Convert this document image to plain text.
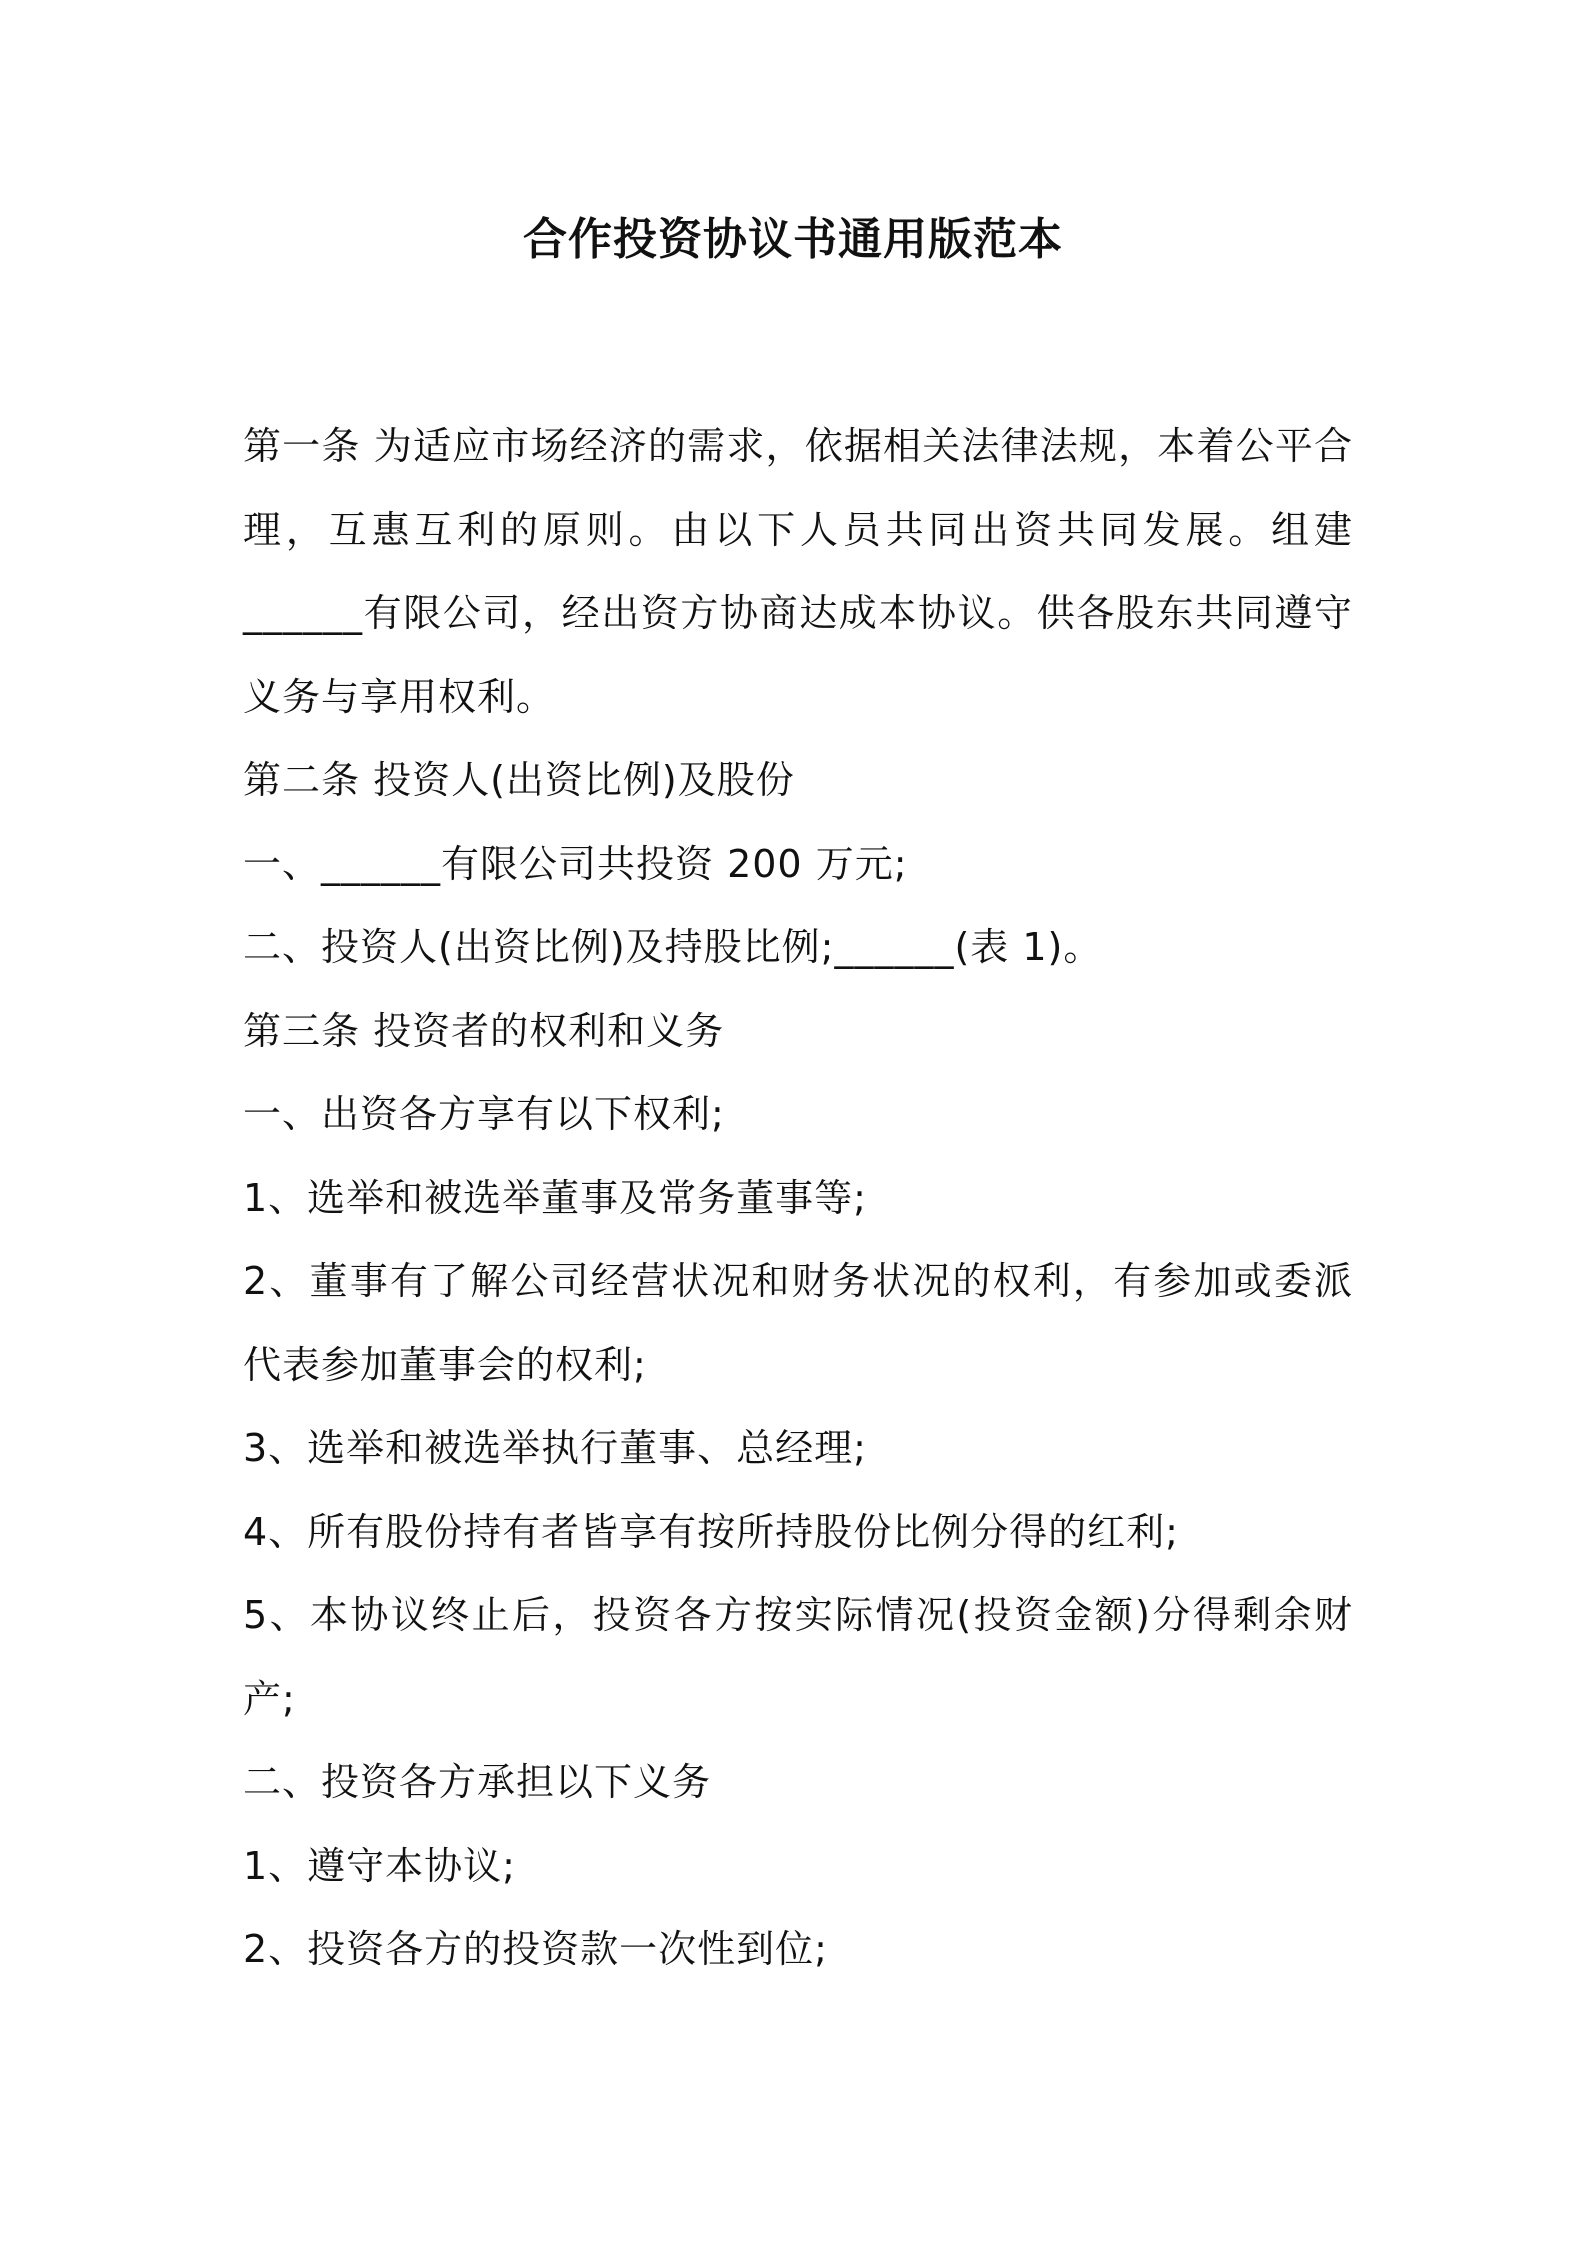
合作投资协议书通用版范本

第一条 为适应市场经济的需求，依据相关法律法规，本着公平合理，互惠互利的原则。由以下人员共同出资共同发展。组建______有限公司，经出资方协商达成本协议。供各股东共同遵守义务与享用权利。

第二条 投资人(出资比例)及股份

一、______有限公司共投资 200 万元;

二、投资人(出资比例)及持股比例;______(表 1)。

第三条 投资者的权利和义务

一、出资各方享有以下权利;

1、选举和被选举董事及常务董事等;

2、董事有了解公司经营状况和财务状况的权利，有参加或委派代表参加董事会的权利;

3、选举和被选举执行董事、总经理;

4、所有股份持有者皆享有按所持股份比例分得的红利;

5、本协议终止后，投资各方按实际情况(投资金额)分得剩余财产;

二、投资各方承担以下义务

1、遵守本协议;

2、投资各方的投资款一次性到位;
